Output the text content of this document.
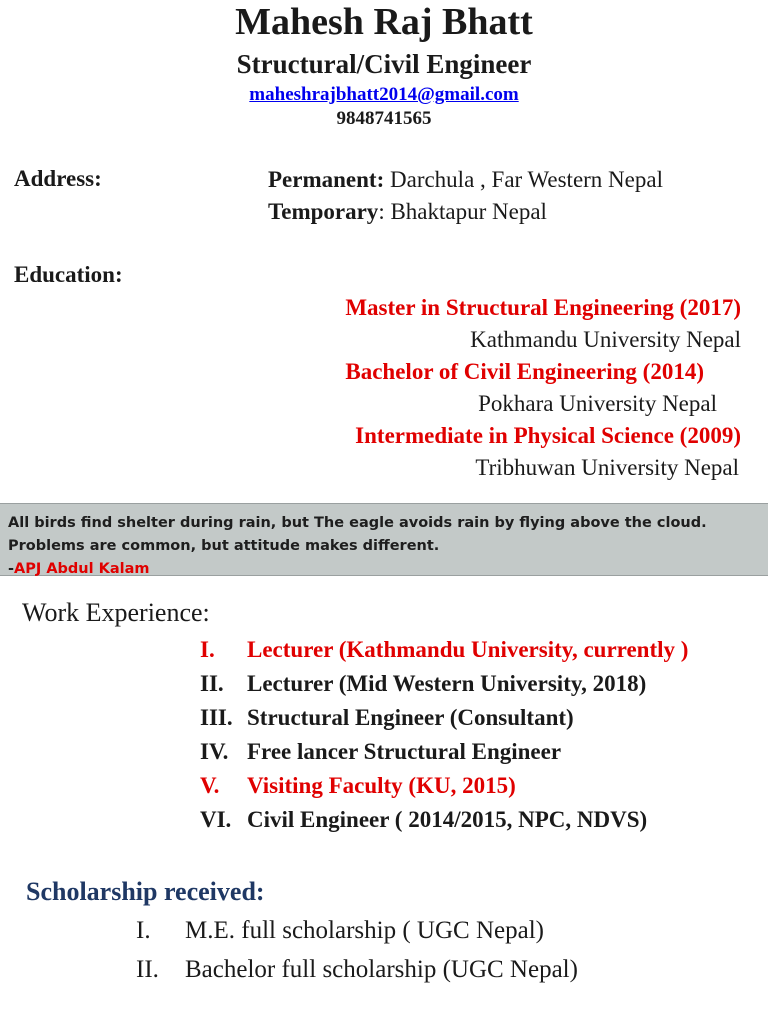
Mahesh Raj Bhatt
Structural/Civil Engineer
maheshrajbhatt2014@gmail.com
9848741565
Address:	Permanent: Darchula , Far Western Nepal
Temporary: Bhaktapur Nepal
Education:
Master in Structural Engineering (2017)
Kathmandu University Nepal
Bachelor of Civil Engineering (2014)
Pokhara University Nepal
Intermediate in Physical Science (2009)
Tribhuwan University Nepal
All birds find shelter during rain, but The eagle avoids rain by flying above the cloud. Problems are common, but attitude makes different.
-APJ Abdul Kalam
Work Experience:
I. Lecturer (Kathmandu University, currently )
II. Lecturer (Mid Western University, 2018)
III. Structural Engineer (Consultant)
IV. Free lancer Structural Engineer
V. Visiting Faculty (KU, 2015)
VI. Civil Engineer ( 2014/2015, NPC, NDVS)
Scholarship received:
I. M.E. full scholarship ( UGC Nepal)
II. Bachelor full scholarship (UGC Nepal)
